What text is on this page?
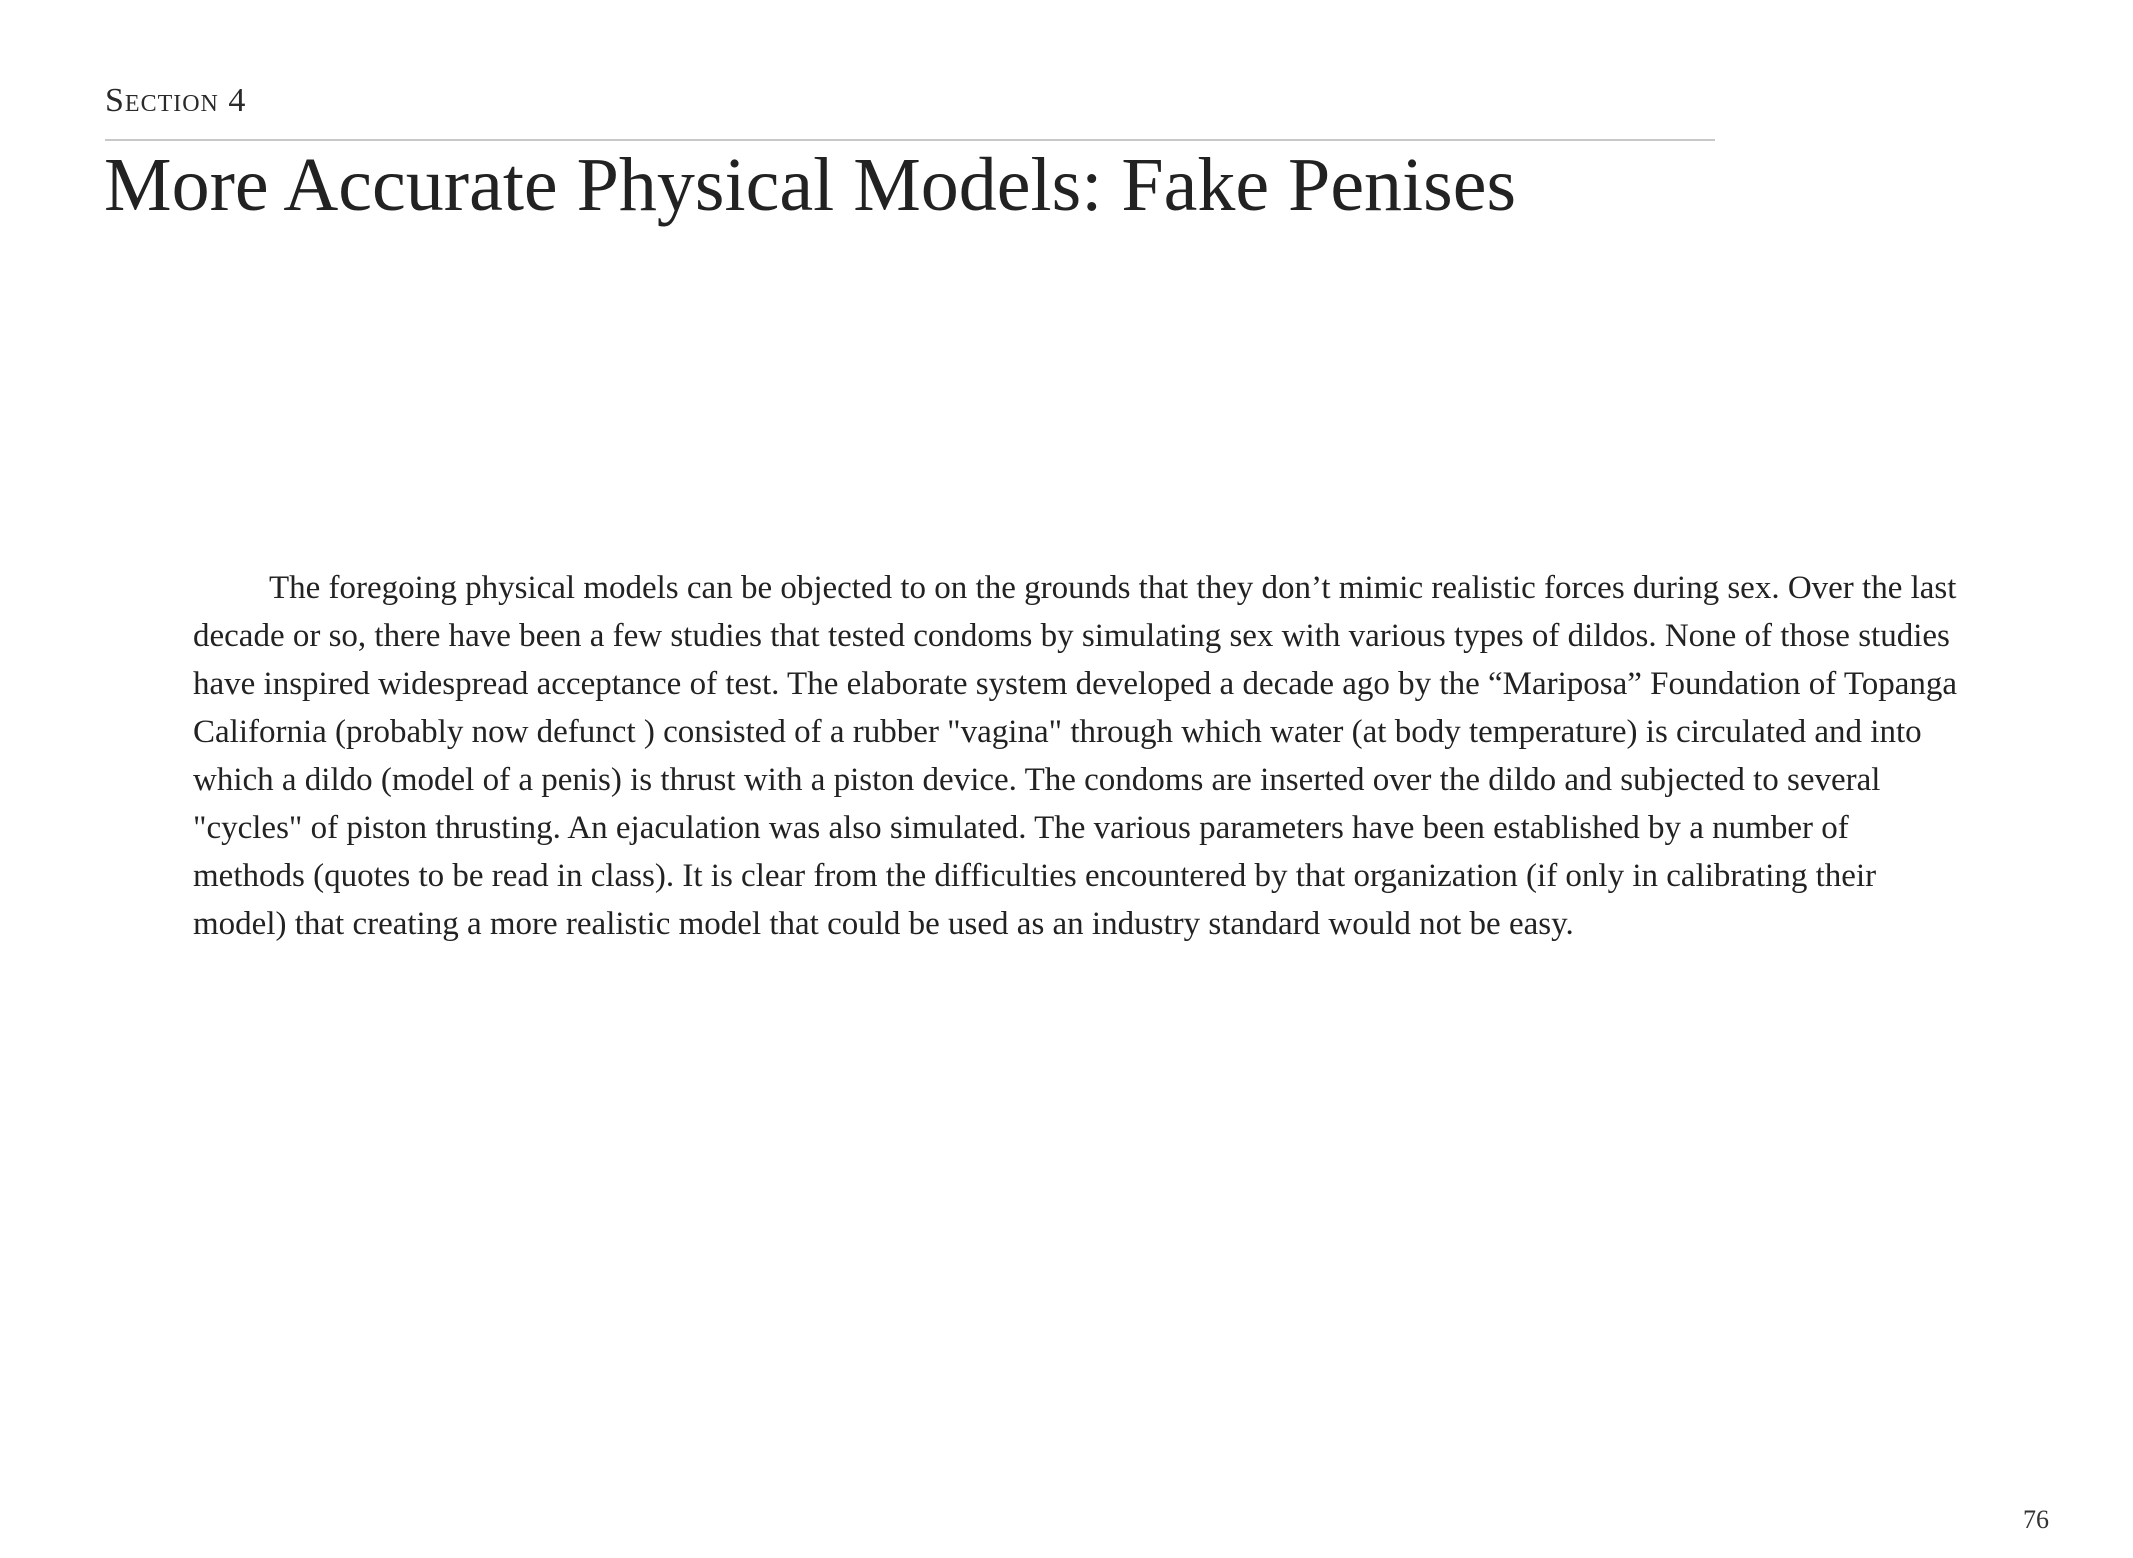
Section 4
More Accurate Physical Models: Fake Penises

The foregoing physical models can be objected to on the grounds that they don’t mimic realistic forces during sex. Over the last decade or so, there have been a few studies that tested condoms by simulating sex with various types of dildos. None of those studies have inspired widespread acceptance of test. The elaborate system developed a decade ago by the “Mariposa” Foundation of Topanga California (probably now defunct ) consisted of a rubber "vagina" through which water (at body temperature) is circulated and into which a dildo (model of a penis) is thrust with a piston device. The condoms are inserted over the dildo and subjected to several "cycles" of piston thrusting. An ejaculation was also simulated. The various parameters have been established by a number of methods (quotes to be read in class). It is clear from the difficulties encountered by that organization (if only in calibrating their model) that creating a more realistic model that could be used as an industry standard would not be easy.

76
